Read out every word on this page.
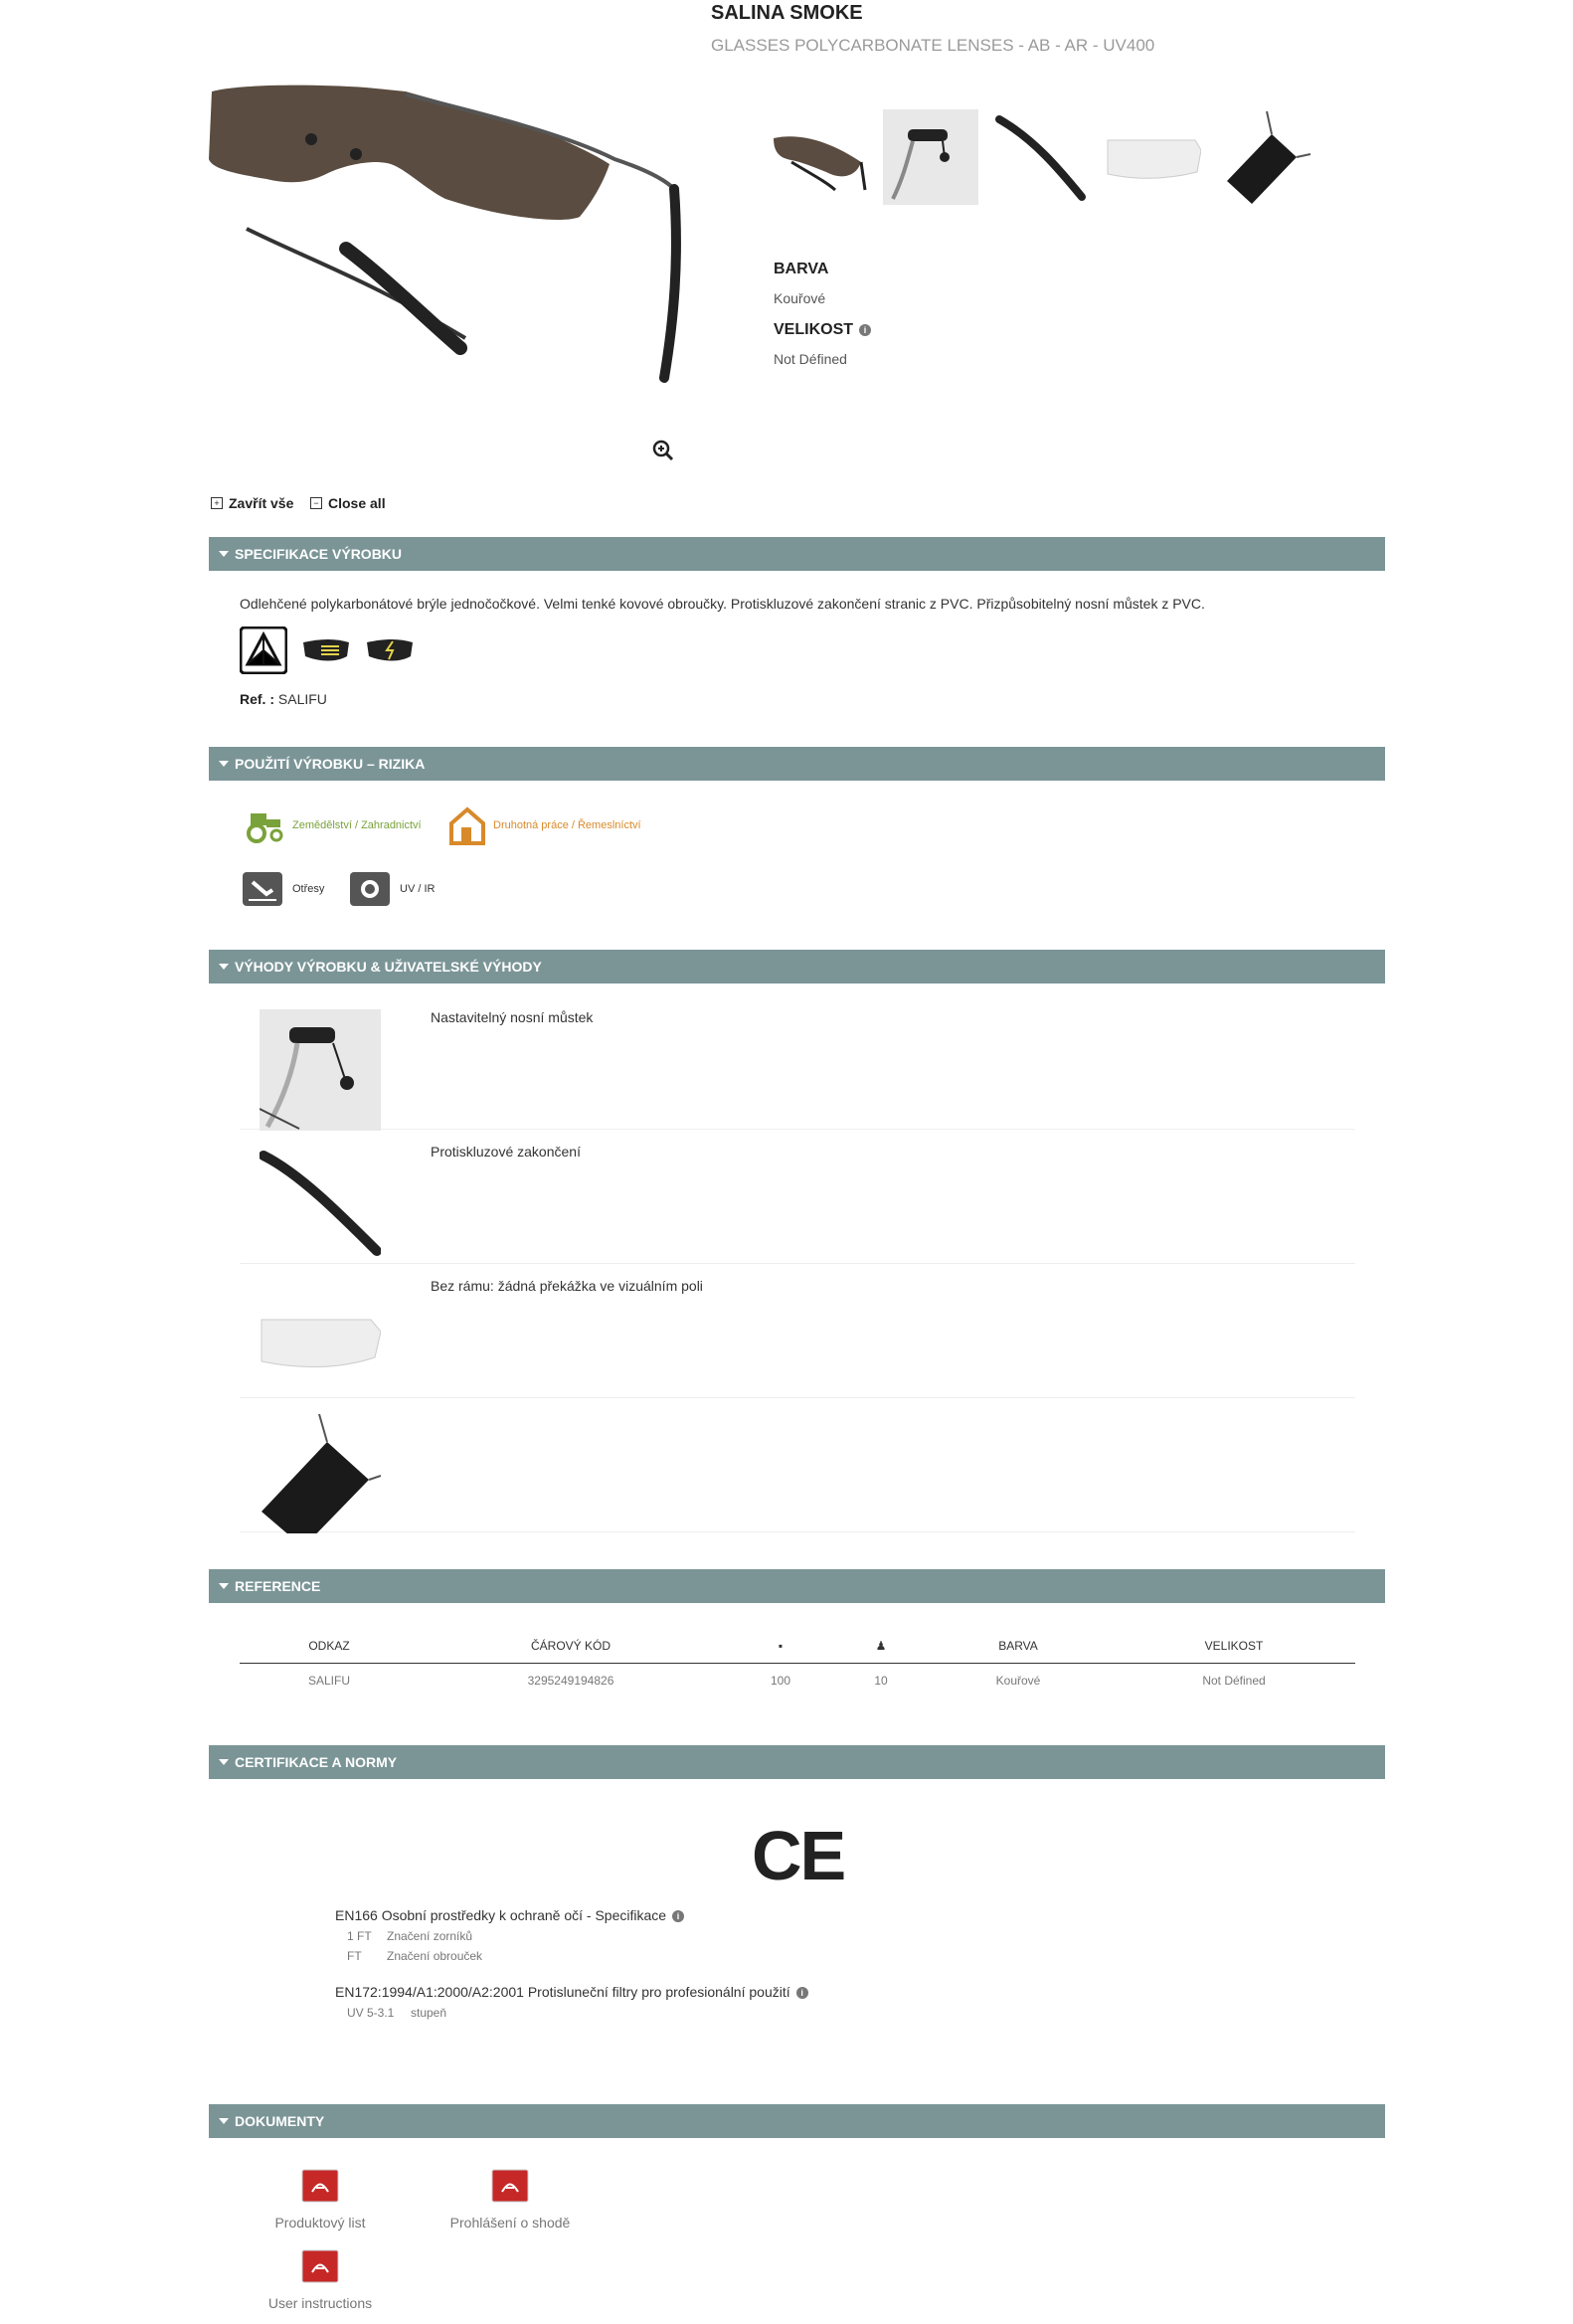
SALINA SMOKE
GLASSES POLYCARBONATE LENSES - AB - AR - UV400
BARVA
Kouřové
VELIKOST i
Not Défined
+ Zavřít vše	− Close all
SPECIFIKACE VÝROBKU
Odlehčené polykarbonátové brýle jednočočkové. Velmi tenké kovové obroučky. Protiskluzové zakončení stranic z PVC. Přizpůsobitelný nosní můstek z PVC.
Ref. : SALIFU
POUŽITÍ VÝROBKU – RIZIKA
Zemědělství / Zahradnictví	Druhotná práce / Řemeslníctví
Otřesy	UV / IR
VÝHODY VÝROBKU & UŽIVATELSKÉ VÝHODY
Nastavitelný nosní můstek
Protiskluzové zakončení
Bez rámu: žádná překážka ve vizuálním poli
REFERENCE
ODKAZ	ČÁROVÝ KÓD	▪	♟	BARVA	VELIKOST
SALIFU	3295249194826	100	10	Kouřové	Not Défined
CERTIFIKACE A NORMY
CE
EN166 Osobní prostředky k ochraně očí - Specifikace i
1 FT Značení zorníků
FT Značení obrouček
EN172:1994/A1:2000/A2:2001 Protisluneční filtry pro profesionální použití i
UV 5-3.1 stupeň
DOKUMENTY
Produktový list	Prohlášení o shodě
User instructions
